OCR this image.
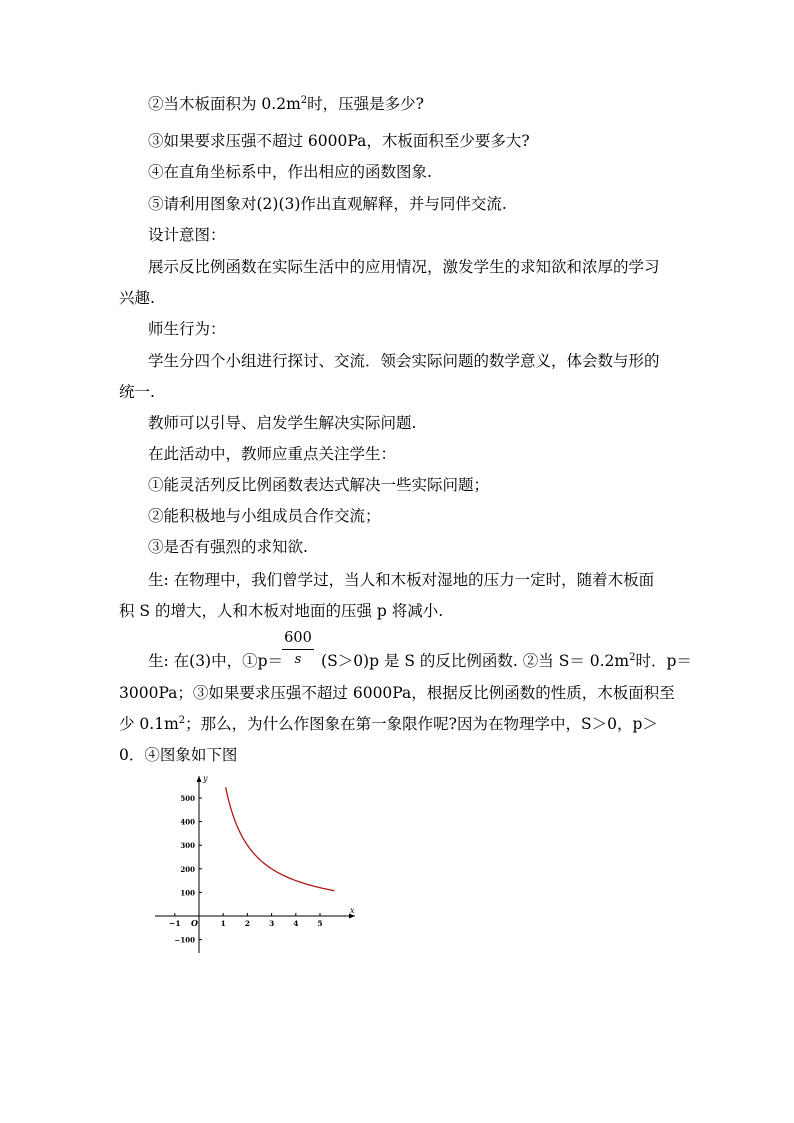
②当木板面积为 $0.2m^2$时，压强是多少?
③如果要求压强不超过 6000Pa，木板面积至少要多大?
④在直角坐标系中，作出相应的函数图象.
⑤请利用图象对(2)(3)作出直观解释，并与同伴交流.
设计意图：
展示反比例函数在实际生活中的应用情况，激发学生的求知欲和浓厚的学习
兴趣.
师生行为：
学生分四个小组进行探讨、交流．领会实际问题的数学意义，体会数与形的
统一.
教师可以引导、启发学生解决实际问题.
在此活动中，教师应重点关注学生：
①能灵活列反比例函数表达式解决一些实际问题；
②能积极地与小组成员合作交流；
③是否有强烈的求知欲.
生: 在物理中，我们曾学过，当人和木板对湿地的压力一定时，随着木板面
积 S 的增大，人和木板对地面的压强 p 将减小.
$\frac{600}{s}$
生: 在(3)中，①p＝ (S＞0)p 是 S 的反比例函数. ②当 $S= 0.2m^2$时．p＝
3000Pa；③如果要求压强不超过 6000Pa，根据反比例函数的性质，木板面积至
少 $0.1m^2$；那么，为什么作图象在第一象限作呢?因为在物理学中，S＞0，p＞
0．④图象如下图
x
y
O
−1	1	2	3	4	5
500
400
300
200
100
−100
